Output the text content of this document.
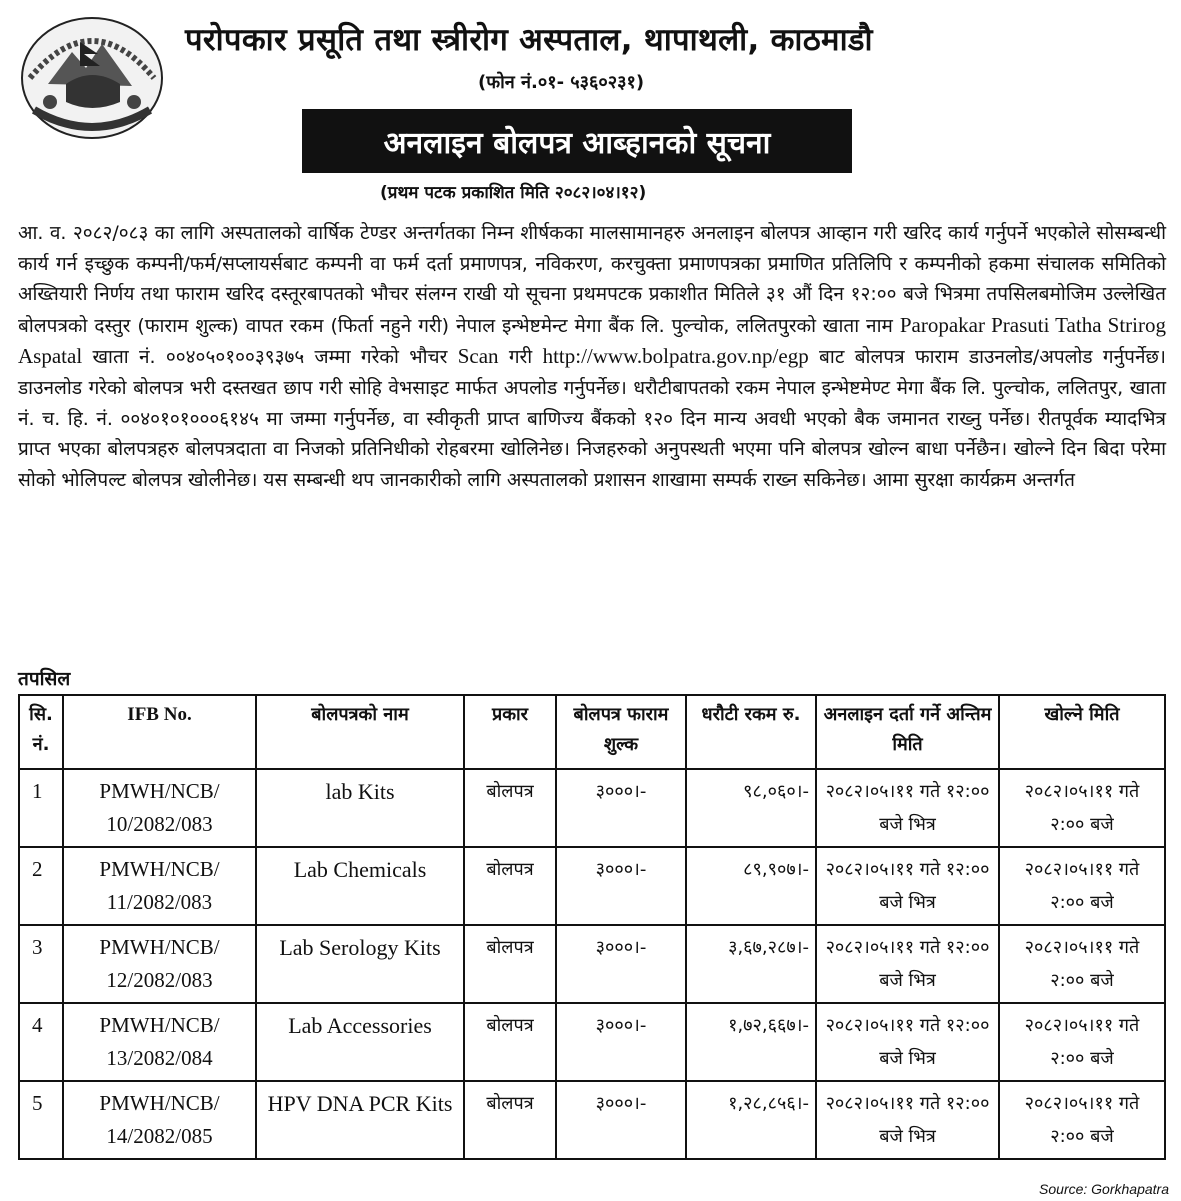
परोपकार प्रसूति तथा स्त्रीरोग अस्पताल, थापाथली, काठमाडौ
(फोन नं.०१- ५३६०२३१)
अनलाइन बोलपत्र आब्हानको सूचना
(प्रथम पटक प्रकाशित मिति २०८२।०४।१२)
आ. व. २०८२/०८३ का लागि अस्पतालको वार्षिक टेण्डर अन्तर्गतका निम्न शीर्षकका मालसामानहरु अनलाइन बोलपत्र आव्हान गरी खरिद कार्य गर्नुपर्ने भएकोले सोसम्बन्धी कार्य गर्न इच्छुक कम्पनी/फर्म/सप्लायर्सबाट कम्पनी वा फर्म दर्ता प्रमाणपत्र, नविकरण, करचुक्ता प्रमाणपत्रका प्रमाणित प्रतिलिपि र कम्पनीको हकमा संचालक समितिको अख्तियारी निर्णय तथा फाराम खरिद दस्तूरबापतको भौचर संलग्न राखी यो सूचना प्रथमपटक प्रकाशीत मितिले ३१ औं दिन १२:०० बजे भित्रमा तपसिलबमोजिम उल्लेखित बोलपत्रको दस्तुर (फाराम शुल्क) वापत रकम (फिर्ता नहुने गरी) नेपाल इन्भेष्टमेन्ट मेगा बैंक लि. पुल्चोक, ललितपुरको खाता नाम Paropakar Prasuti Tatha Strirog Aspatal खाता नं. ००४०५०१००३९३७५ जम्मा गरेको भौचर Scan गरी http://www.bolpatra.gov.np/egp बाट बोलपत्र फाराम डाउनलोड/अपलोड गर्नुपर्नेछ। डाउनलोड गरेको बोलपत्र भरी दस्तखत छाप गरी सोहि वेभसाइट मार्फत अपलोड गर्नुपर्नेछ। धरौटीबापतको रकम नेपाल इन्भेष्टमेण्ट मेगा बैंक लि. पुल्चोक, ललितपुर, खाता नं. च. हि. नं. ००४०१०१०००६१४५ मा जम्मा गर्नुपर्नेछ, वा स्वीकृती प्राप्त बाणिज्य बैंकको १२० दिन मान्य अवधी भएको बैक जमानत राख्नु पर्नेछ। रीतपूर्वक म्यादभित्र प्राप्त भएका बोलपत्रहरु बोलपत्रदाता वा निजको प्रतिनिधीको रोहबरमा खोलिनेछ। निजहरुको अनुपस्थती भएमा पनि बोलपत्र खोल्न बाधा पर्नेछैन। खोल्ने दिन बिदा परेमा सोको भोलिपल्ट बोलपत्र खोलीनेछ। यस सम्बन्धी थप जानकारीको लागि अस्पतालको प्रशासन शाखामा सम्पर्क राख्न सकिनेछ। आमा सुरक्षा कार्यक्रम अन्तर्गत
तपसिल
सि. नं.	IFB No.	बोलपत्रको नाम	प्रकार	बोलपत्र फाराम शुल्क	धरौटी रकम रु.	अनलाइन दर्ता गर्ने अन्तिम मिति	खोल्ने मिति
1	PMWH/NCB/ 10/2082/083	lab Kits	बोलपत्र	३०००।-	९८,०६०।-	२०८२।०५।११ गते १२:०० बजे भित्र	२०८२।०५।११ गते २:०० बजे
2	PMWH/NCB/ 11/2082/083	Lab Chemicals	बोलपत्र	३०००।-	८९,९०७।-	२०८२।०५।११ गते १२:०० बजे भित्र	२०८२।०५।११ गते २:०० बजे
3	PMWH/NCB/ 12/2082/083	Lab Serology Kits	बोलपत्र	३०००।-	३,६७,२८७।-	२०८२।०५।११ गते १२:०० बजे भित्र	२०८२।०५।११ गते २:०० बजे
4	PMWH/NCB/ 13/2082/084	Lab Accessories	बोलपत्र	३०००।-	१,७२,६६७।-	२०८२।०५।११ गते १२:०० बजे भित्र	२०८२।०५।११ गते २:०० बजे
5	PMWH/NCB/ 14/2082/085	HPV DNA PCR Kits	बोलपत्र	३०००।-	१,२८,८५६।-	२०८२।०५।११ गते १२:०० बजे भित्र	२०८२।०५।११ गते २:०० बजे
Source: Gorkhapatra
